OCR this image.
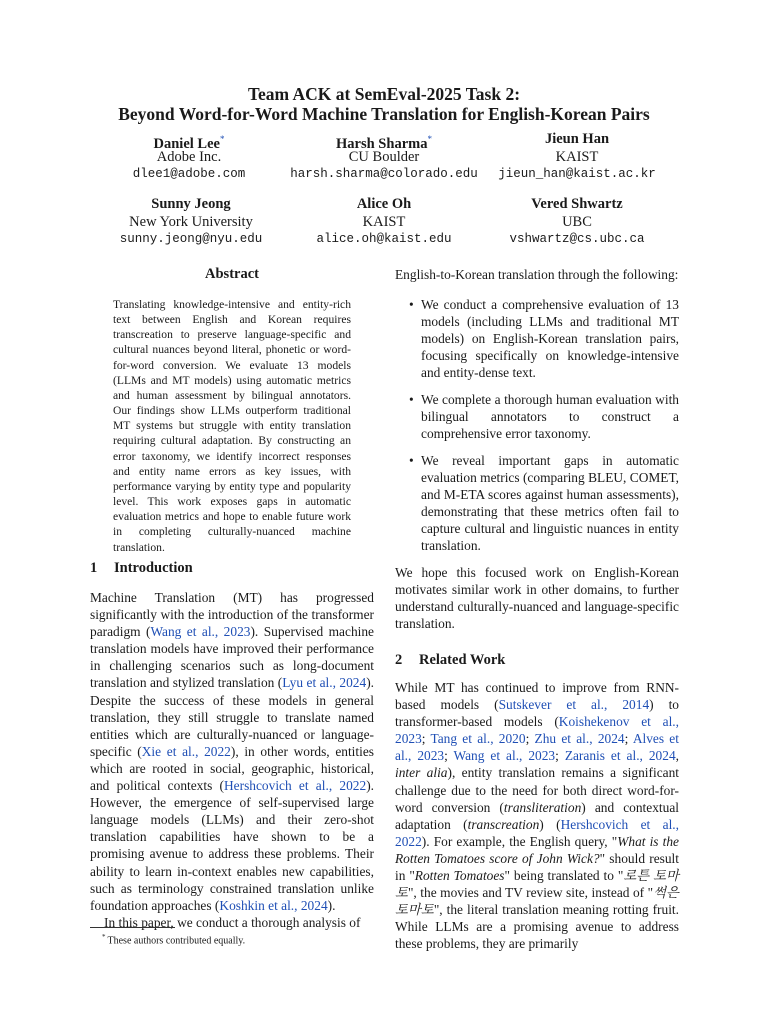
Team ACK at SemEval-2025 Task 2:
Beyond Word-for-Word Machine Translation for English-Korean Pairs
Daniel Lee*
Adobe Inc.
dlee1@adobe.com
Harsh Sharma*
CU Boulder
harsh.sharma@colorado.edu
Jieun Han
KAIST
jieun_han@kaist.ac.kr
Sunny Jeong
New York University
sunny.jeong@nyu.edu
Alice Oh
KAIST
alice.oh@kaist.edu
Vered Shwartz
UBC
vshwartz@cs.ubc.ca
Abstract
Translating knowledge-intensive and entity-rich text between English and Korean requires transcreation to preserve language-specific and cultural nuances beyond literal, phonetic or word-for-word conversion. We evaluate 13 models (LLMs and MT models) using automatic metrics and human assessment by bilingual annotators. Our findings show LLMs outperform traditional MT systems but struggle with entity translation requiring cultural adaptation. By constructing an error taxonomy, we identify incorrect responses and entity name errors as key issues, with performance varying by entity type and popularity level. This work exposes gaps in automatic evaluation metrics and hope to enable future work in completing culturally-nuanced machine translation.
1 Introduction

Machine Translation (MT) has progressed significantly with the introduction of the transformer paradigm (Wang et al., 2023). Supervised machine translation models have improved their performance in challenging scenarios such as long-document translation and stylized translation (Lyu et al., 2024). Despite the success of these models in general translation, they still struggle to translate named entities which are culturally-nuanced or language-specific (Xie et al., 2022), in other words, entities which are rooted in social, geographic, historical, and political contexts (Hershcovich et al., 2022). However, the emergence of self-supervised large language models (LLMs) and their zero-shot translation capabilities have shown to be a promising avenue to address these problems. Their ability to learn in-context enables new capabilities, such as terminology constrained translation unlike foundation approaches (Koshkin et al., 2024).

In this paper, we conduct a thorough analysis of

English-to-Korean translation through the following:

• We conduct a comprehensive evaluation of 13 models (including LLMs and traditional MT models) on English-Korean translation pairs, focusing specifically on knowledge-intensive and entity-dense text.
• We complete a thorough human evaluation with bilingual annotators to construct a comprehensive error taxonomy.
• We reveal important gaps in automatic evaluation metrics (comparing BLEU, COMET, and M-ETA scores against human assessments), demonstrating that these metrics often fail to capture cultural and linguistic nuances in entity translation.

We hope this focused work on English-Korean motivates similar work in other domains, to further understand culturally-nuanced and language-specific translation.

2 Related Work

While MT has continued to improve from RNN-based models (Sutskever et al., 2014) to transformer-based models (Koishekenov et al., 2023; Tang et al., 2020; Zhu et al., 2024; Alves et al., 2023; Wang et al., 2023; Zaranis et al., 2024, inter alia), entity translation remains a significant challenge due to the need for both direct word-for-word conversion (transliteration) and contextual adaptation (transcreation) (Hershcovich et al., 2022). For example, the English query, "What is the Rotten Tomatoes score of John Wick?" should result in "Rotten Tomatoes" being translated to "로튼 토마토", the movies and TV review site, instead of "썩은 토마토", the literal translation meaning rotting fruit. While LLMs are a promising avenue to address these problems, they are primarily

* These authors contributed equally.
